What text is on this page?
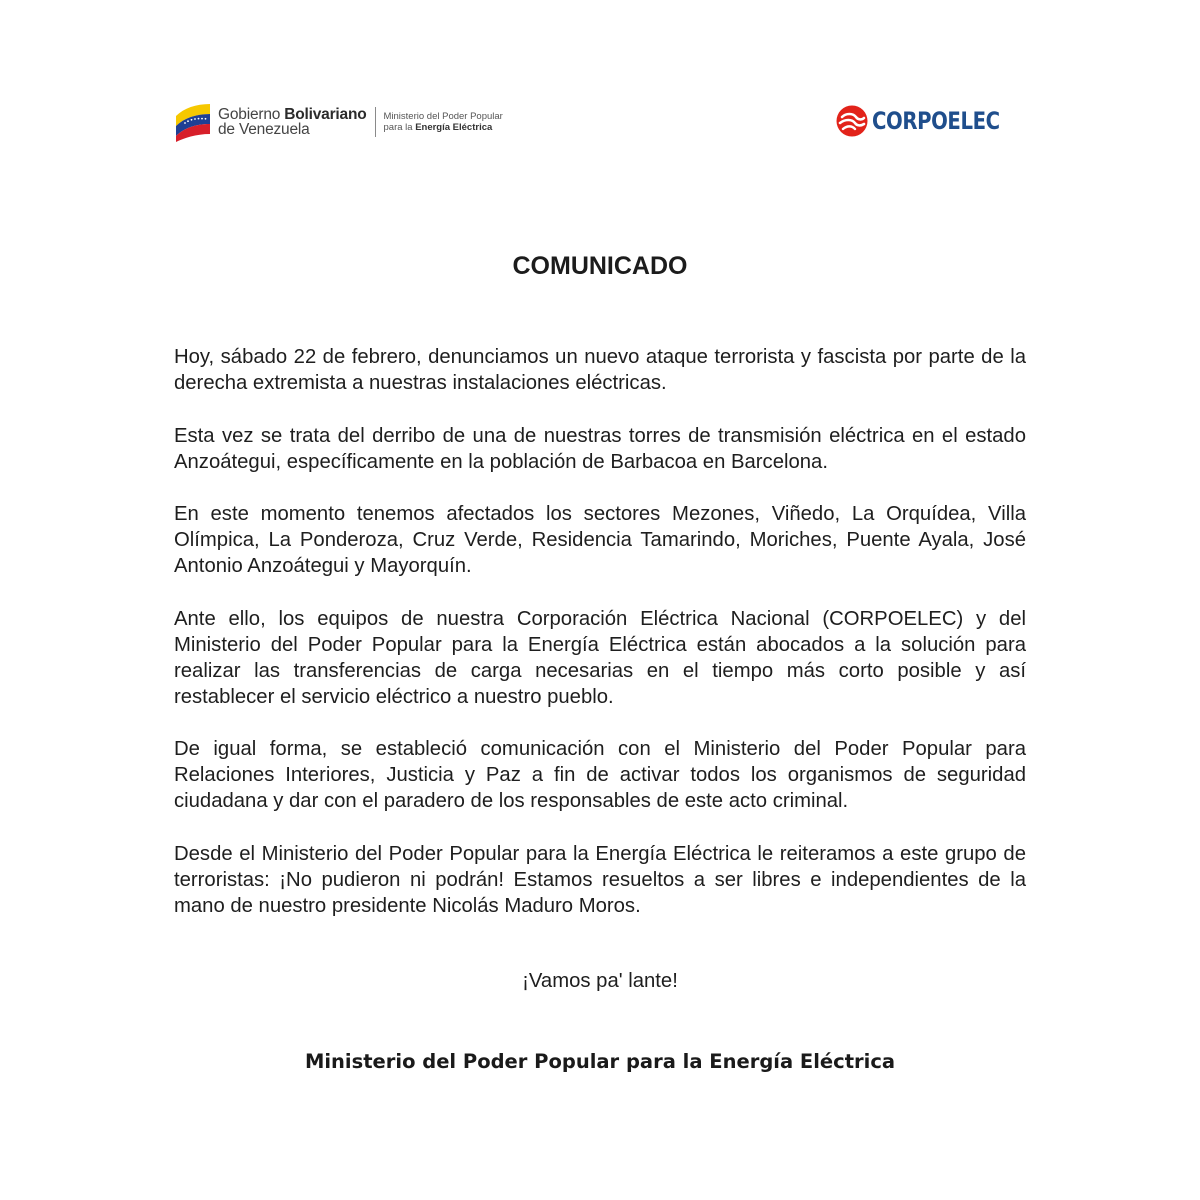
Gobierno Bolivariano
de Venezuela
Ministerio del Poder Popular
para la Energía Eléctrica	CORPOELEC
COMUNICADO

Hoy, sábado 22 de febrero, denunciamos un nuevo ataque terrorista y fascista por parte de la derecha extremista a nuestras instalaciones eléctricas.

Esta vez se trata del derribo de una de nuestras torres de transmisión eléctrica en el estado Anzoátegui, específicamente en la población de Barbacoa en Barcelona.

En este momento tenemos afectados los sectores Mezones, Viñedo, La Orquídea, Villa Olímpica, La Ponderoza, Cruz Verde, Residencia Tamarindo, Moriches, Puente Ayala, José Antonio Anzoátegui y Mayorquín.

Ante ello, los equipos de nuestra Corporación Eléctrica Nacional (CORPOELEC) y del Ministerio del Poder Popular para la Energía Eléctrica están abocados a la solución para realizar las transferencias de carga necesarias en el tiempo más corto posible y así restablecer el servicio eléctrico a nuestro pueblo.

De igual forma, se estableció comunicación con el Ministerio del Poder Popular para Relaciones Interiores, Justicia y Paz a fin de activar todos los organismos de seguridad ciudadana y dar con el paradero de los responsables de este acto criminal.

Desde el Ministerio del Poder Popular para la Energía Eléctrica le reiteramos a este grupo de terroristas: ¡No pudieron ni podrán! Estamos resueltos a ser libres e independientes de la mano de nuestro presidente Nicolás Maduro Moros.

¡Vamos pa' lante!
Ministerio del Poder Popular para la Energía Eléctrica
